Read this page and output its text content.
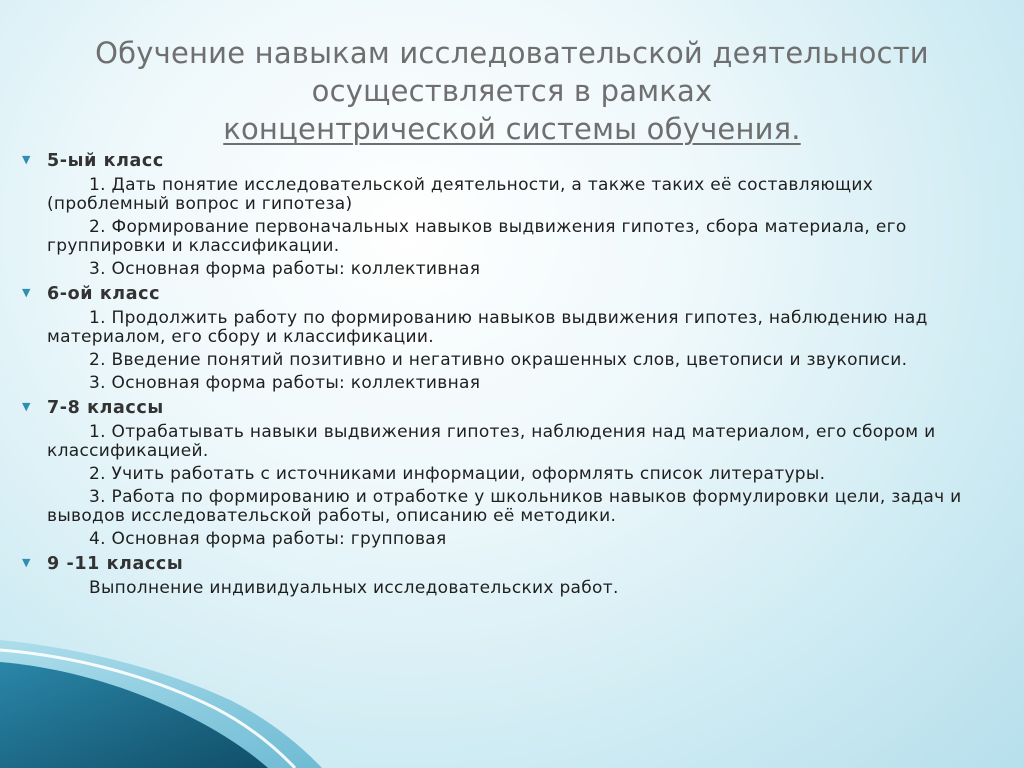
Обучение навыкам исследовательской деятельности
осуществляется в рамках
концентрической системы обучения.
▼ 5-ый класс
1. Дать понятие исследовательской деятельности, а также таких её составляющих (проблемный вопрос и гипотеза)
2. Формирование первоначальных навыков выдвижения гипотез, сбора материала, его группировки и классификации.
3. Основная форма работы: коллективная
▼ 6-ой класс
1. Продолжить работу по формированию навыков выдвижения гипотез, наблюдению над материалом, его сбору и классификации.
2. Введение понятий позитивно и негативно окрашенных слов, цветописи и звукописи.
3. Основная форма работы: коллективная
▼ 7-8 классы
1. Отрабатывать навыки выдвижения гипотез, наблюдения над материалом, его сбором и классификацией.
2. Учить работать с источниками информации, оформлять список литературы.
3. Работа по формированию и отработке у школьников навыков формулировки цели, задач и выводов исследовательской работы, описанию её методики.
4. Основная форма работы: групповая
▼ 9 -11 классы
Выполнение индивидуальных исследовательских работ.
